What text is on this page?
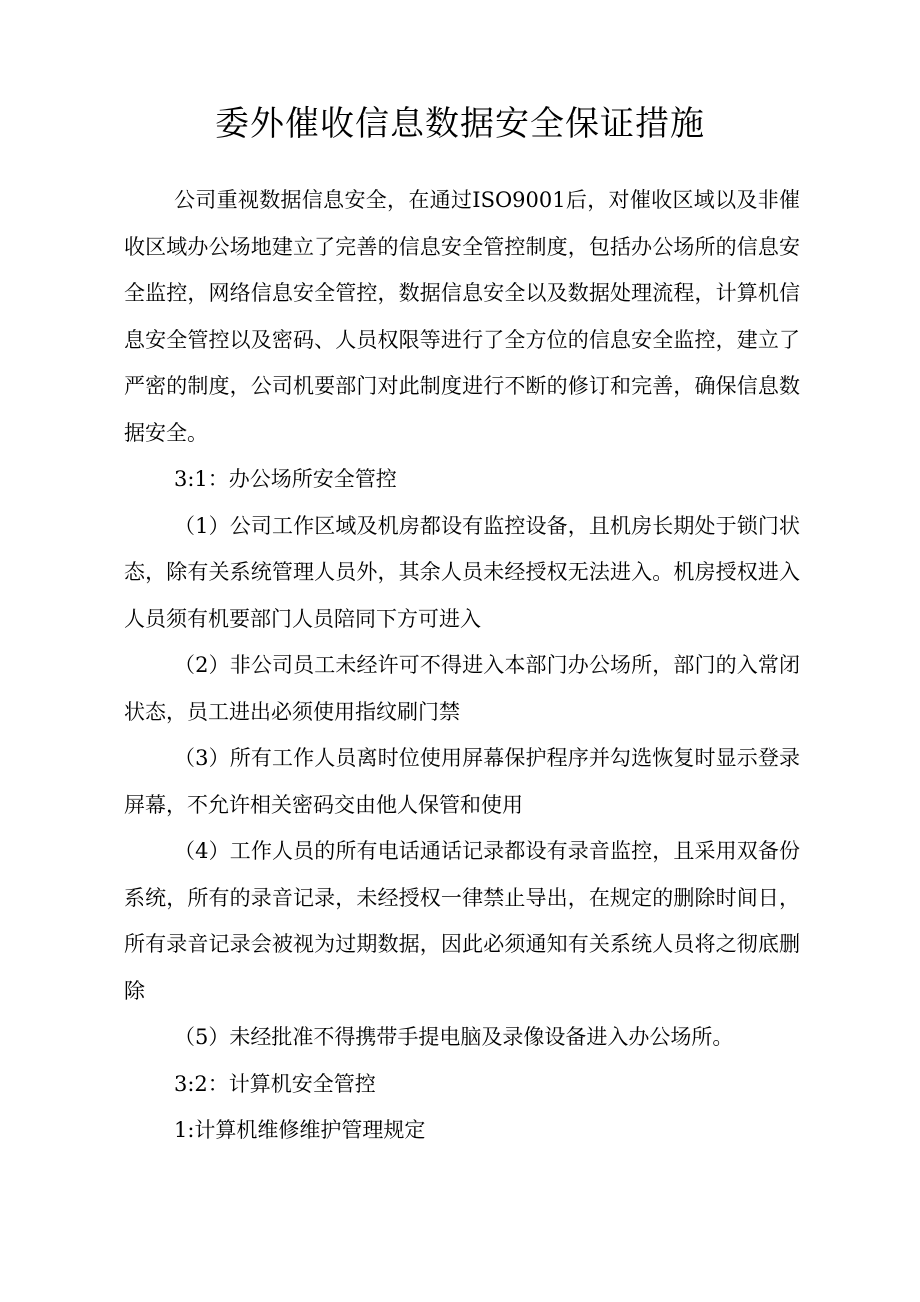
委外催收信息数据安全保证措施

公司重视数据信息安全，在通过ISO9001后，对催收区域以及非催收区域办公场地建立了完善的信息安全管控制度，包括办公场所的信息安全监控，网络信息安全管控，数据信息安全以及数据处理流程，计算机信息安全管控以及密码、人员权限等进行了全方位的信息安全监控，建立了严密的制度，公司机要部门对此制度进行不断的修订和完善，确保信息数据安全。

3:1：办公场所安全管控

（1）公司工作区域及机房都设有监控设备，且机房长期处于锁门状态，除有关系统管理人员外，其余人员未经授权无法进入。机房授权进入人员须有机要部门人员陪同下方可进入

（2）非公司员工未经许可不得进入本部门办公场所，部门的入常闭状态，员工进出必须使用指纹刷门禁

（3）所有工作人员离时位使用屏幕保护程序并勾选恢复时显示登录屏幕，不允许相关密码交由他人保管和使用

（4）工作人员的所有电话通话记录都设有录音监控，且采用双备份系统，所有的录音记录，未经授权一律禁止导出，在规定的删除时间日，所有录音记录会被视为过期数据，因此必须通知有关系统人员将之彻底删除

（5）未经批准不得携带手提电脑及录像设备进入办公场所。

3:2：计算机安全管控

1:计算机维修维护管理规定
